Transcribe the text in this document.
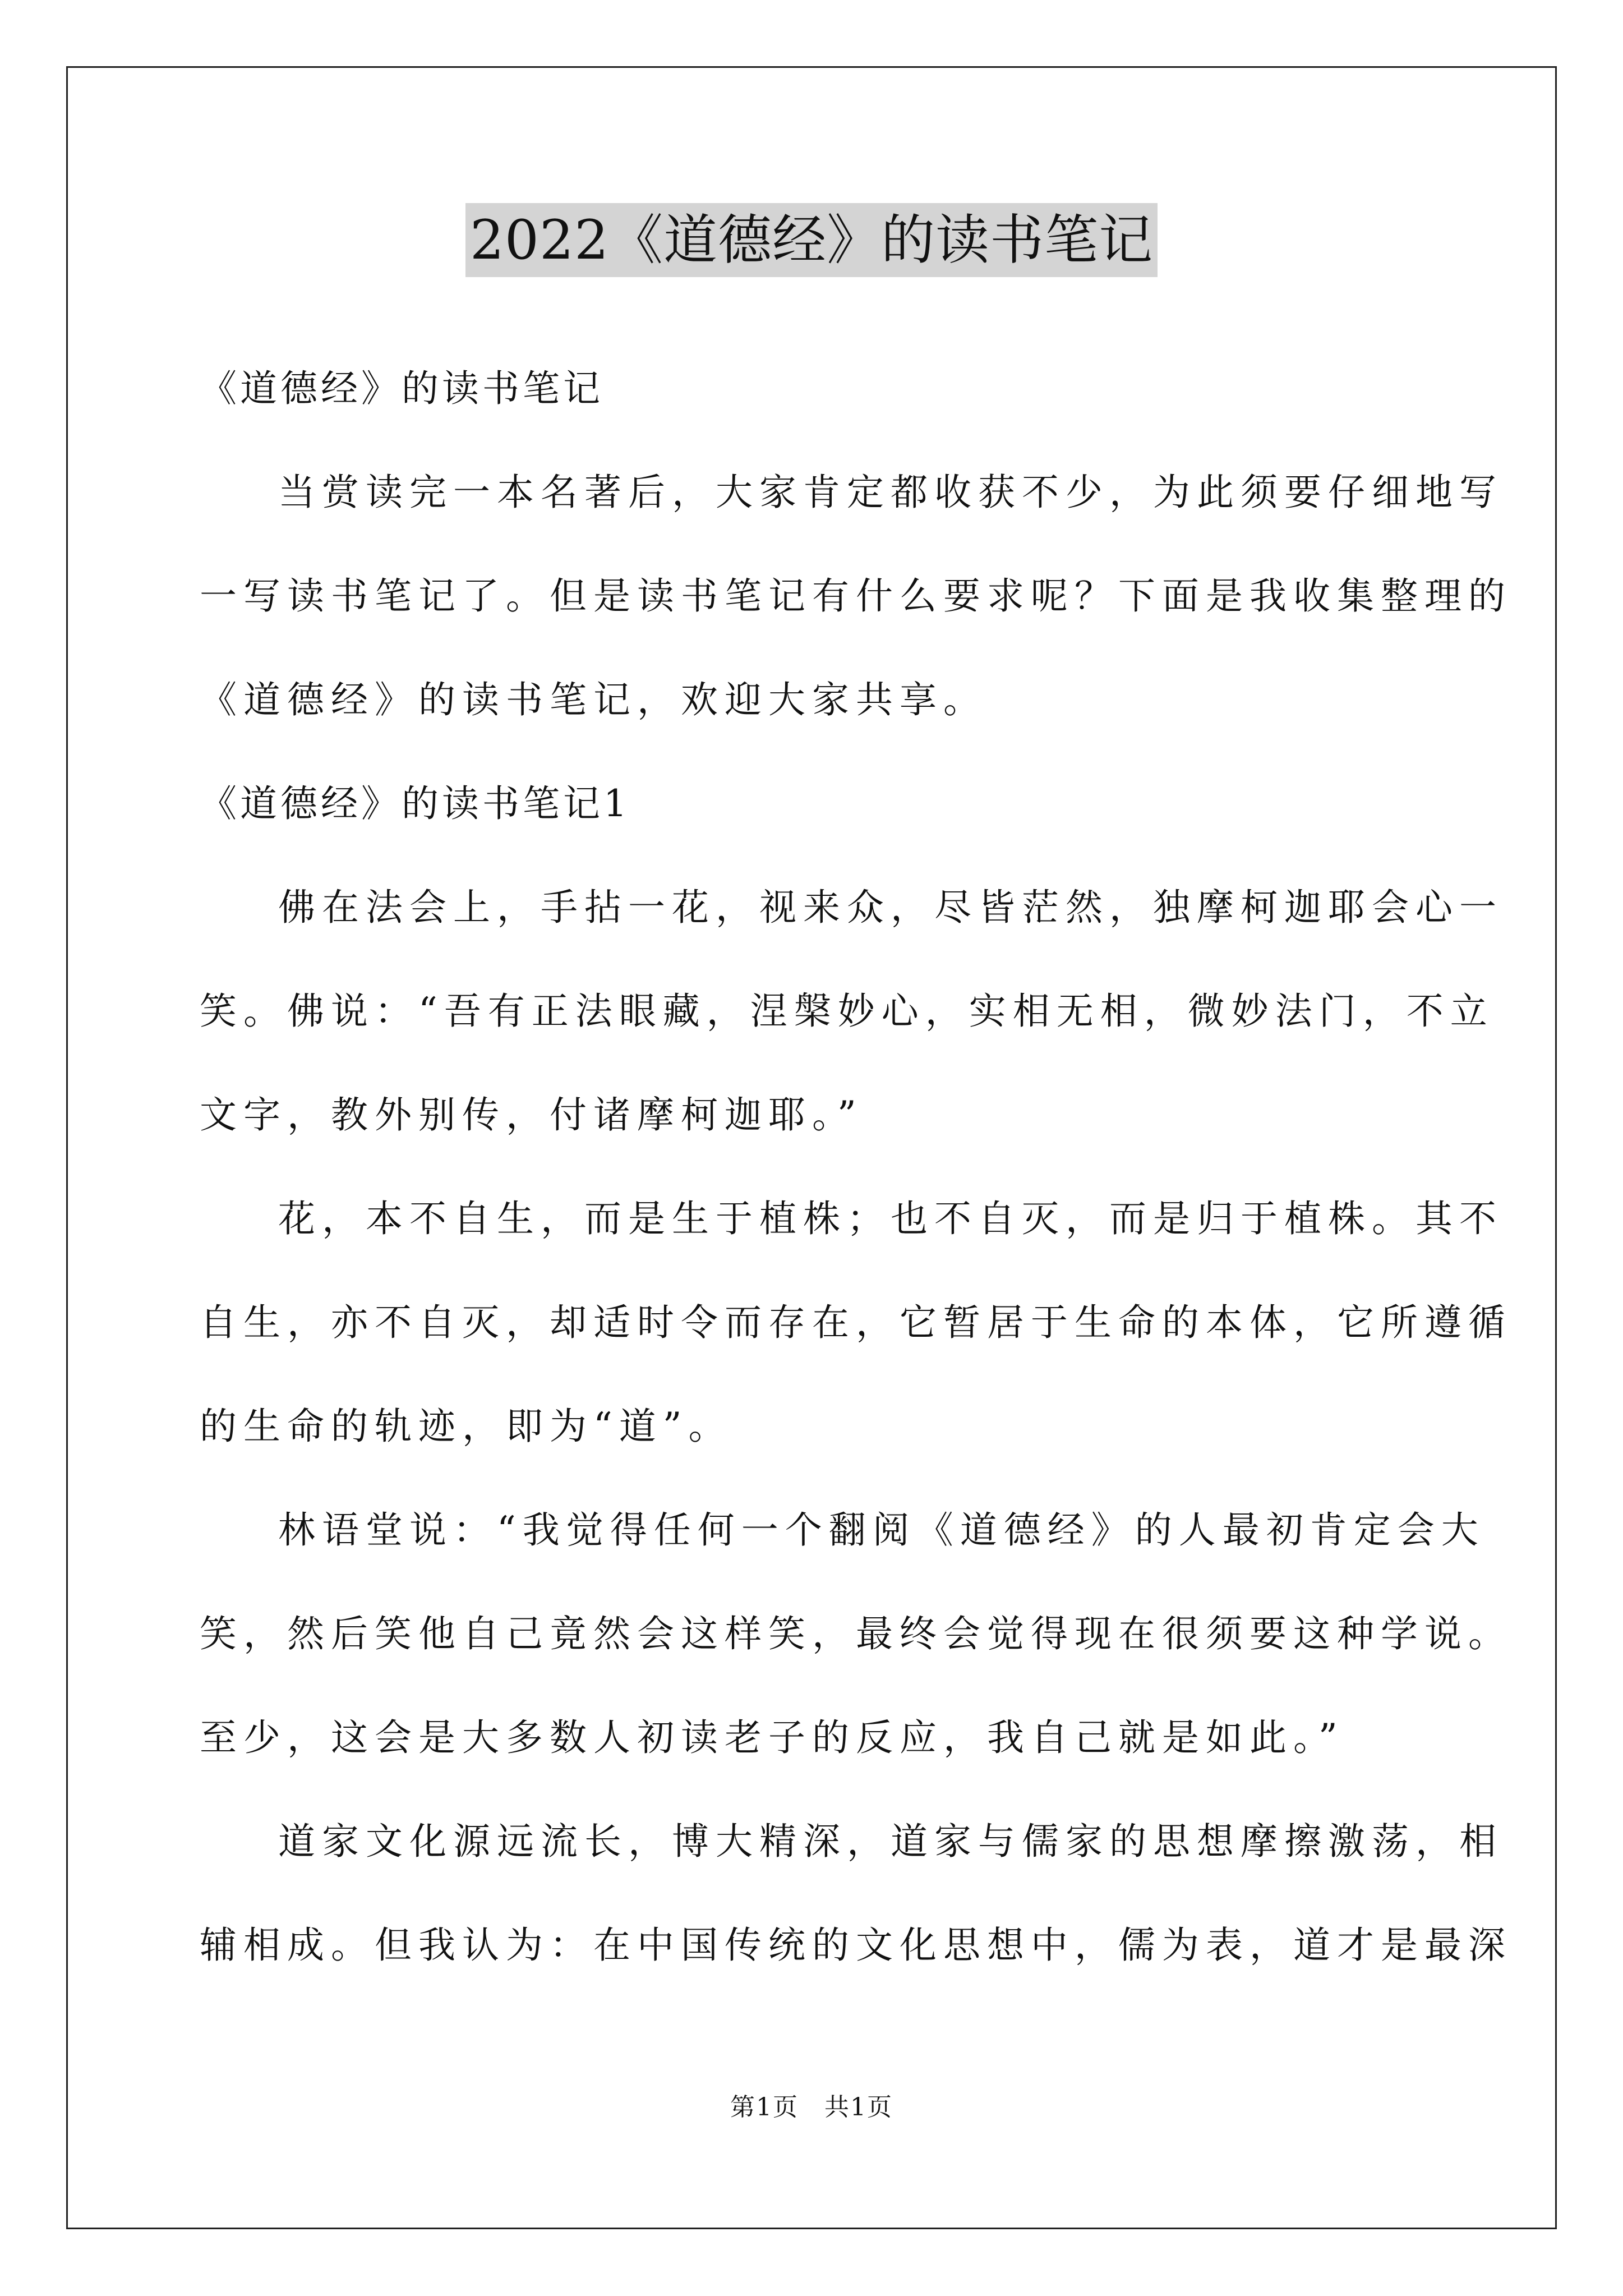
2022《道德经》的读书笔记

《道德经》的读书笔记

当赏读完一本名著后，大家肯定都收获不少，为此须要仔细地写

一写读书笔记了。但是读书笔记有什么要求呢？下面是我收集整理的

《道德经》的读书笔记，欢迎大家共享。

《道德经》的读书笔记1

佛在法会上，手拈一花，视来众，尽皆茫然，独摩柯迦耶会心一

笑。佛说：“吾有正法眼藏，涅槃妙心，实相无相，微妙法门，不立

文字，教外别传，付诸摩柯迦耶。”

花，本不自生，而是生于植株；也不自灭，而是归于植株。其不

自生，亦不自灭，却适时令而存在，它暂居于生命的本体，它所遵循

的生命的轨迹，即为“道”。

林语堂说：“我觉得任何一个翻阅《道德经》的人最初肯定会大

笑，然后笑他自己竟然会这样笑，最终会觉得现在很须要这种学说。

至少，这会是大多数人初读老子的反应，我自己就是如此。”

道家文化源远流长，博大精深，道家与儒家的思想摩擦激荡，相

辅相成。但我认为：在中国传统的文化思想中，儒为表，道才是最深

第1页　共1页
